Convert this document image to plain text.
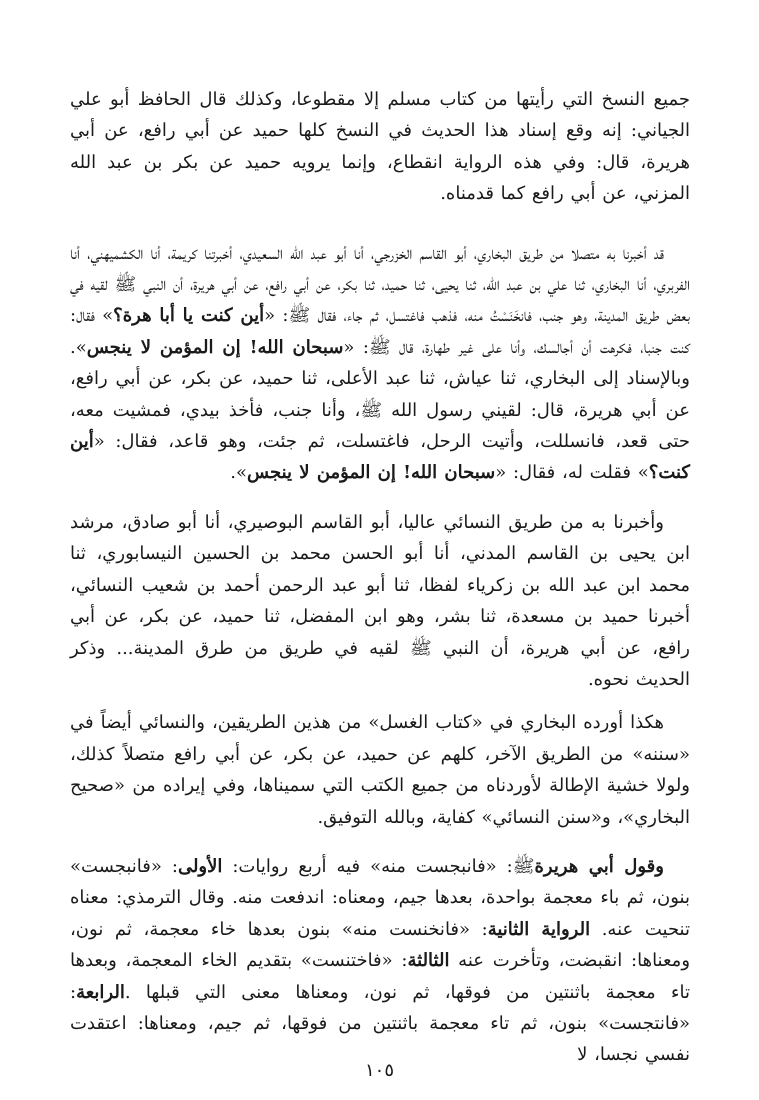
جميع النسخ التي رأيتها من كتاب مسلم إلا مقطوعا، وكذلك قال الحافظ أبو علي الجياني: إنه وقع إسناد هذا الحديث في النسخ كلها حميد عن أبي رافع، عن أبي هريرة، قال: وفي هذه الرواية انقطاع، وإنما يرويه حميد عن بكر بن عبد الله المزني، عن أبي رافع كما قدمناه.

قد أخبرنا به متصلا من طريق البخاري، أبو القاسم الخزرجي، أنا أبو عبد الله السعيدي، أخبرتنا كريمة، أنا الكشميهني، أنا الفربري، أنا البخاري، ثنا علي بن عبد الله، ثنا يحيى، ثنا حميد، ثنا بكر، عن أبي رافع، عن أبي هريرة، أن النبي ﷺ لقيه في بعض طريق المدينة، وهو جنب، فانخَنَسْتُ منه، فذهب فاغتسل، ثم جاء، فقال ﷺ: «أين كنت يا أبا هرة؟» فقال: كنت جنبا، فكرهت أن أجالسك، وأنا على غير طهارة، قال ﷺ: «سبحان الله! إن المؤمن لا ينجس». وبالإسناد إلى البخاري، ثنا عياش، ثنا عبد الأعلى، ثنا حميد، عن بكر، عن أبي رافع، عن أبي هريرة، قال: لقيني رسول الله ﷺ، وأنا جنب، فأخذ بيدي، فمشيت معه، حتى قعد، فانسللت، وأتيت الرحل، فاغتسلت، ثم جئت، وهو قاعد، فقال: «أين كنت؟» فقلت له، فقال: «سبحان الله! إن المؤمن لا ينجس».

وأخبرنا به من طريق النسائي عاليا، أبو القاسم البوصيري، أنا أبو صادق، مرشد ابن يحيى بن القاسم المدني، أنا أبو الحسن محمد بن الحسين النيسابوري، ثنا محمد ابن عبد الله بن زكرياء لفظا، ثنا أبو عبد الرحمن أحمد بن شعيب النسائي، أخبرنا حميد بن مسعدة، ثنا بشر، وهو ابن المفضل، ثنا حميد، عن بكر، عن أبي رافع، عن أبي هريرة، أن النبي ﷺ لقيه في طريق من طرق المدينة... وذكر الحديث نحوه.

هكذا أورده البخاري في «كتاب الغسل» من هذين الطريقين، والنسائي أيضاً في «سننه» من الطريق الآخر، كلهم عن حميد، عن بكر، عن أبي رافع متصلاً كذلك، ولولا خشية الإطالة لأوردناه من جميع الكتب التي سميناها، وفي إيراده من «صحيح البخاري»، و«سنن النسائي» كفاية، وبالله التوفيق.

وقول أبي هريرةﷺ: «فانبجست منه» فيه أربع روايات: الأولى: «فانبجست» بنون، ثم باء معجمة بواحدة، بعدها جيم، ومعناه: اندفعت منه. وقال الترمذي: معناه تنحيت عنه. الرواية الثانية: «فانخنست منه» بنون بعدها خاء معجمة، ثم نون، ومعناها: انقبضت، وتأخرت عنه الثالثة: «فاختنست» بتقديم الخاء المعجمة، وبعدها تاء معجمة باثنتين من فوقها، ثم نون، ومعناها معنى التي قبلها .الرابعة: «فانتجست» بنون، ثم تاء معجمة باثنتين من فوقها، ثم جيم، ومعناها: اعتقدت نفسي نجسا، لا

١٠٥
